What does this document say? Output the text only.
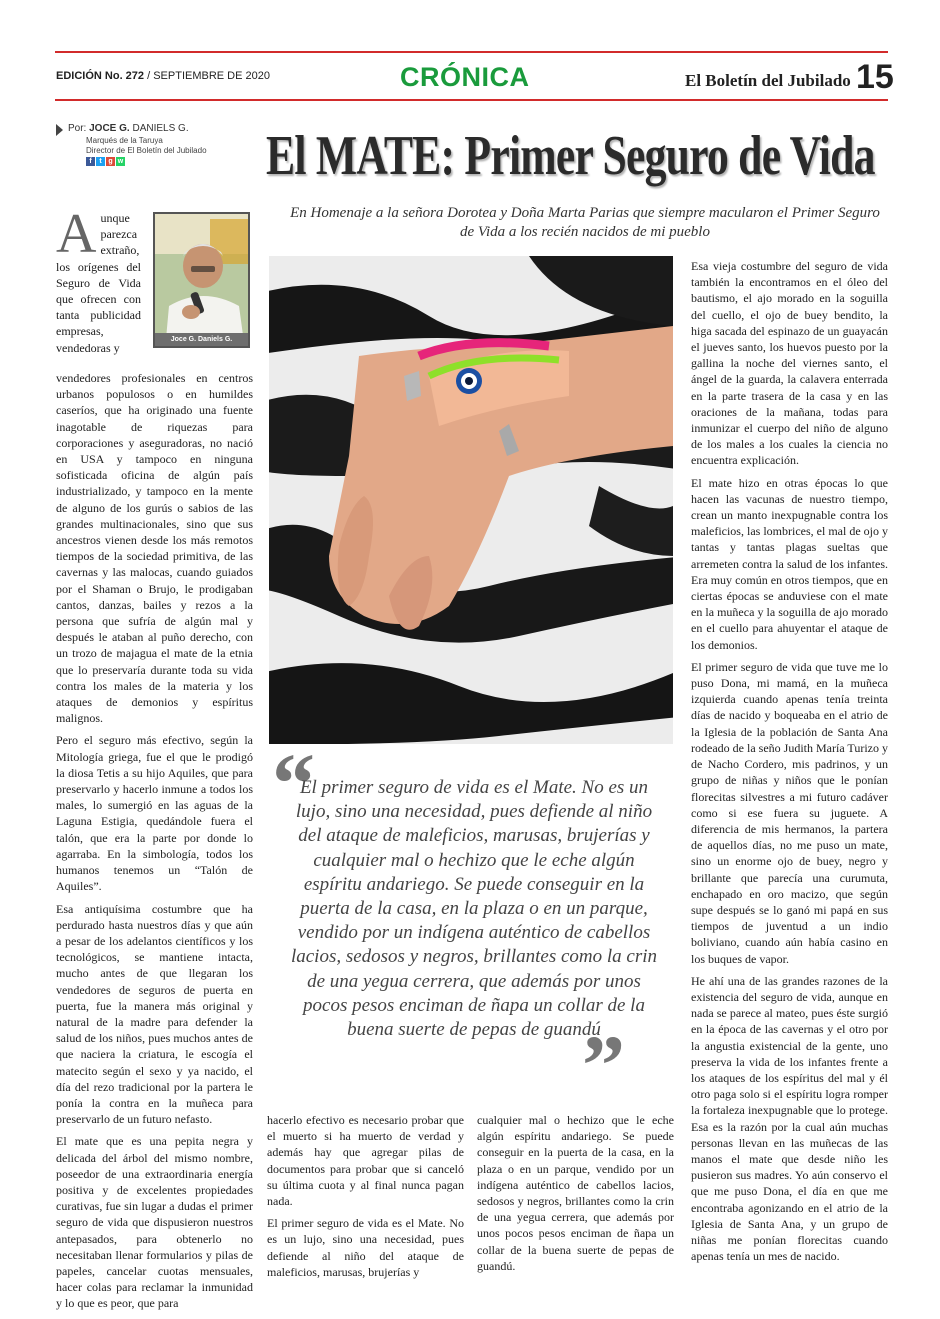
EDICIÓN No. 272 / SEPTIEMBRE DE 2020	CRÓNICA	El Boletín del Jubilado 15
Por: JOCE G. DANIELS G.
Marqués de la Taruya
Director de El Boletín del Jubilado
f	t g w	El MATE: Primer Seguro de Vida
En Homenaje a la señora Dorotea y Doña Marta Parias que siempre macularon el Primer Seguro de Vida a los recién nacidos de mi pueblo
A unque parezca extraño, los orígenes del Seguro de Vida que ofrecen con tanta publicidad empresas, vendedoras y
Joce G. Daniels G.
“
El primer seguro de vida es el Mate. No es un lujo, sino una necesidad, pues defiende al niño del ataque de maleficios, marusas, brujerías y cualquier mal o hechizo que le eche algún espíritu andariego. Se puede conseguir en la puerta de la casa, en la plaza o en un parque, vendido por un indígena auténtico de cabellos lacios, sedosos y negros, brillantes como la crin de una yegua cerrera, que además por unos pocos pesos enciman de ñapa un collar de la buena suerte de pepas de guandú
”

vendedores profesionales en centros urbanos populosos o en humildes caseríos, que ha originado una fuente inagotable de riquezas para corporaciones y aseguradoras, no nació en USA y tampoco en ninguna sofisticada oficina de algún país industrializado, y tampoco en la mente de alguno de los gurús o sabios de las grandes multinacionales, sino que sus ancestros vienen desde los más remotos tiempos de la sociedad primitiva, de las cavernas y las malocas, cuando guiados por el Shaman o Brujo, le prodigaban cantos, danzas, bailes y rezos a la persona que sufría de algún mal y después le ataban al puño derecho, con un trozo de majagua el mate de la etnia que lo preservaría durante toda su vida contra los males de la materia y los ataques de demonios y espíritus malignos.

Pero el seguro más efectivo, según la Mitología griega, fue el que le prodigó la diosa Tetis a su hijo Aquiles, que para preservarlo y hacerlo inmune a todos los males, lo sumergió en las aguas de la Laguna Estigia, quedándole fuera el talón, que era la parte por donde lo agarraba. En la simbología, todos los humanos tenemos un “Talón de Aquiles”.

Esa antiquísima costumbre que ha perdurado hasta nuestros días y que aún a pesar de los adelantos científicos y los tecnológicos, se mantiene intacta, mucho antes de que llegaran los vendedores de seguros de puerta en puerta, fue la manera más original y natural de la madre para defender la salud de los niños, pues muchos antes de que naciera la criatura, le escogía el matecito según el sexo y ya nacido, el día del rezo tradicional por la partera le ponía la contra en la muñeca para preservarlo de un futuro nefasto.

El mate que es una pepita negra y delicada del árbol del mismo nombre, poseedor de una extraordinaria energía positiva y de excelentes propiedades curativas, fue sin lugar a dudas el primer seguro de vida que dispusieron nuestros antepasados, para obtenerlo no necesitaban llenar formularios y pilas de papeles, cancelar cuotas mensuales, hacer colas para reclamar la inmunidad y lo que es peor, que para

hacerlo efectivo es necesario probar que el muerto si ha muerto de verdad y además hay que agregar pilas de documentos para probar que si canceló su última cuota y al final nunca pagan nada.

El primer seguro de vida es el Mate. No es un lujo, sino una necesidad, pues defiende al niño del ataque de maleficios, marusas, brujerías y

cualquier mal o hechizo que le eche algún espíritu andariego. Se puede conseguir en la puerta de la casa, en la plaza o en un parque, vendido por un indígena auténtico de cabellos lacios, sedosos y negros, brillantes como la crin de una yegua cerrera, que además por unos pocos pesos enciman de ñapa un collar de la buena suerte de pepas de guandú.

Esa vieja costumbre del seguro de vida también la encontramos en el óleo del bautismo, el ajo morado en la soguilla del cuello, el ojo de buey bendito, la higa sacada del espinazo de un guayacán el jueves santo, los huevos puesto por la gallina la noche del viernes santo, el ángel de la guarda, la calavera enterrada en la parte trasera de la casa y en las oraciones de la mañana, todas para inmunizar el cuerpo del niño de alguno de los males a los cuales la ciencia no encuentra explicación.

El mate hizo en otras épocas lo que hacen las vacunas de nuestro tiempo, crean un manto inexpugnable contra los maleficios, las lombrices, el mal de ojo y tantas y tantas plagas sueltas que arremeten contra la salud de los infantes. Era muy común en otros tiempos, que en ciertas épocas se anduviese con el mate en la muñeca y la soguilla de ajo morado en el cuello para ahuyentar el ataque de los demonios.

El primer seguro de vida que tuve me lo puso Dona, mi mamá, en la muñeca izquierda cuando apenas tenía treinta días de nacido y boqueaba en el atrio de la Iglesia de la población de Santa Ana rodeado de la seño Judith María Turizo y de Nacho Cordero, mis padrinos, y un grupo de niñas y niños que le ponían florecitas silvestres a mi futuro cadáver como si ese fuera su juguete. A diferencia de mis hermanos, la partera de aquellos días, no me puso un mate, sino un enorme ojo de buey, negro y brillante que parecía una curumuta, enchapado en oro macizo, que según supe después se lo ganó mi papá en sus tiempos de juventud a un indio boliviano, cuando aún había casino en los buques de vapor.

He ahí una de las grandes razones de la existencia del seguro de vida, aunque en nada se parece al mateo, pues éste surgió en la época de las cavernas y el otro por la angustia existencial de la gente, uno preserva la vida de los infantes frente a los ataques de los espíritus del mal y él otro paga solo si el espíritu logra romper la fortaleza inexpugnable que lo protege. Esa es la razón por la cual aún muchas personas llevan en las muñecas de las manos el mate que desde niño les pusieron sus madres. Yo aún conservo el que me puso Dona, el día en que me encontraba agonizando en el atrio de la Iglesia de Santa Ana, y un grupo de niñas me ponían florecitas cuando apenas tenía un mes de nacido.
